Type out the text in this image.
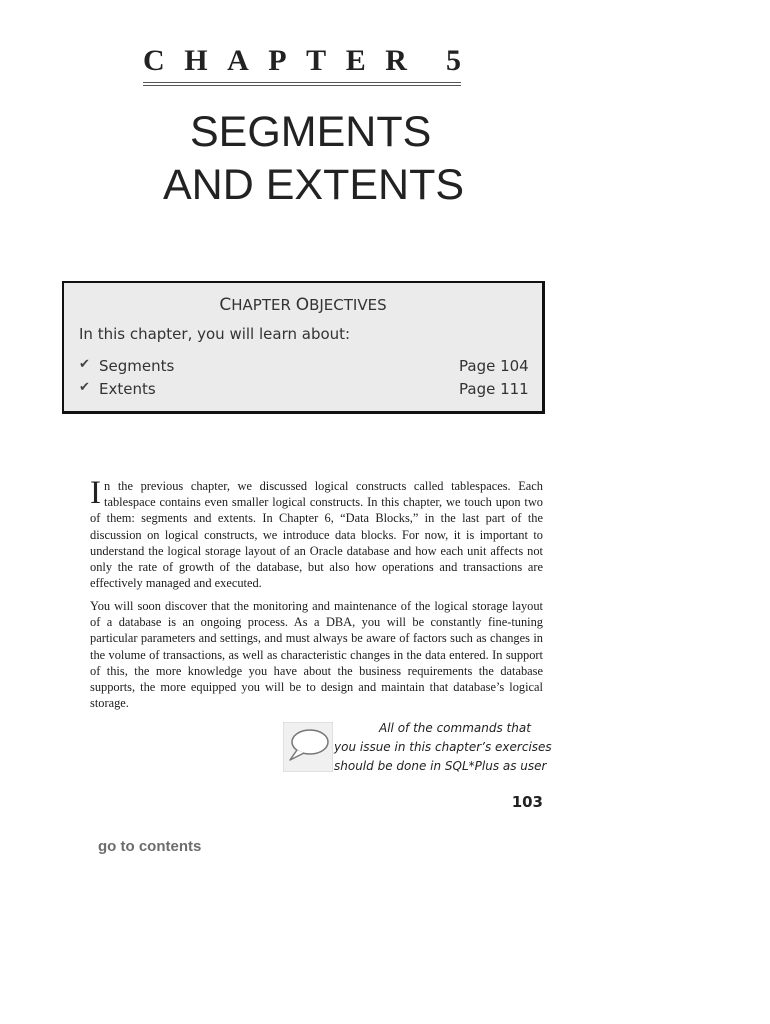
C H A P T E R 5
SEGMENTS
AND EXTENTS
CHAPTER OBJECTIVES
In this chapter, you will learn about:
✔ Segments	Page 104
✔ Extents	Page 111
In the previous chapter, we discussed logical constructs called tablespaces. Each tablespace contains even smaller logical constructs. In this chapter, we touch upon two of them: segments and extents. In Chapter 6, “Data Blocks,” in the last part of the discussion on logical constructs, we introduce data blocks. For now, it is important to understand the logical storage layout of an Oracle database and how each unit affects not only the rate of growth of the database, but also how operations and transactions are effectively managed and executed.
You will soon discover that the monitoring and maintenance of the logical storage layout of a database is an ongoing process. As a DBA, you will be constantly fine-tuning particular parameters and settings, and must always be aware of factors such as changes in the volume of transactions, as well as characteristic changes in the data entered. In support of this, the more knowledge you have about the business requirements the database supports, the more equipped you will be to design and maintain that database’s logical storage.
All of the commands that
you issue in this chapter’s exercises
should be done in SQL*Plus as user
103
go to contents
